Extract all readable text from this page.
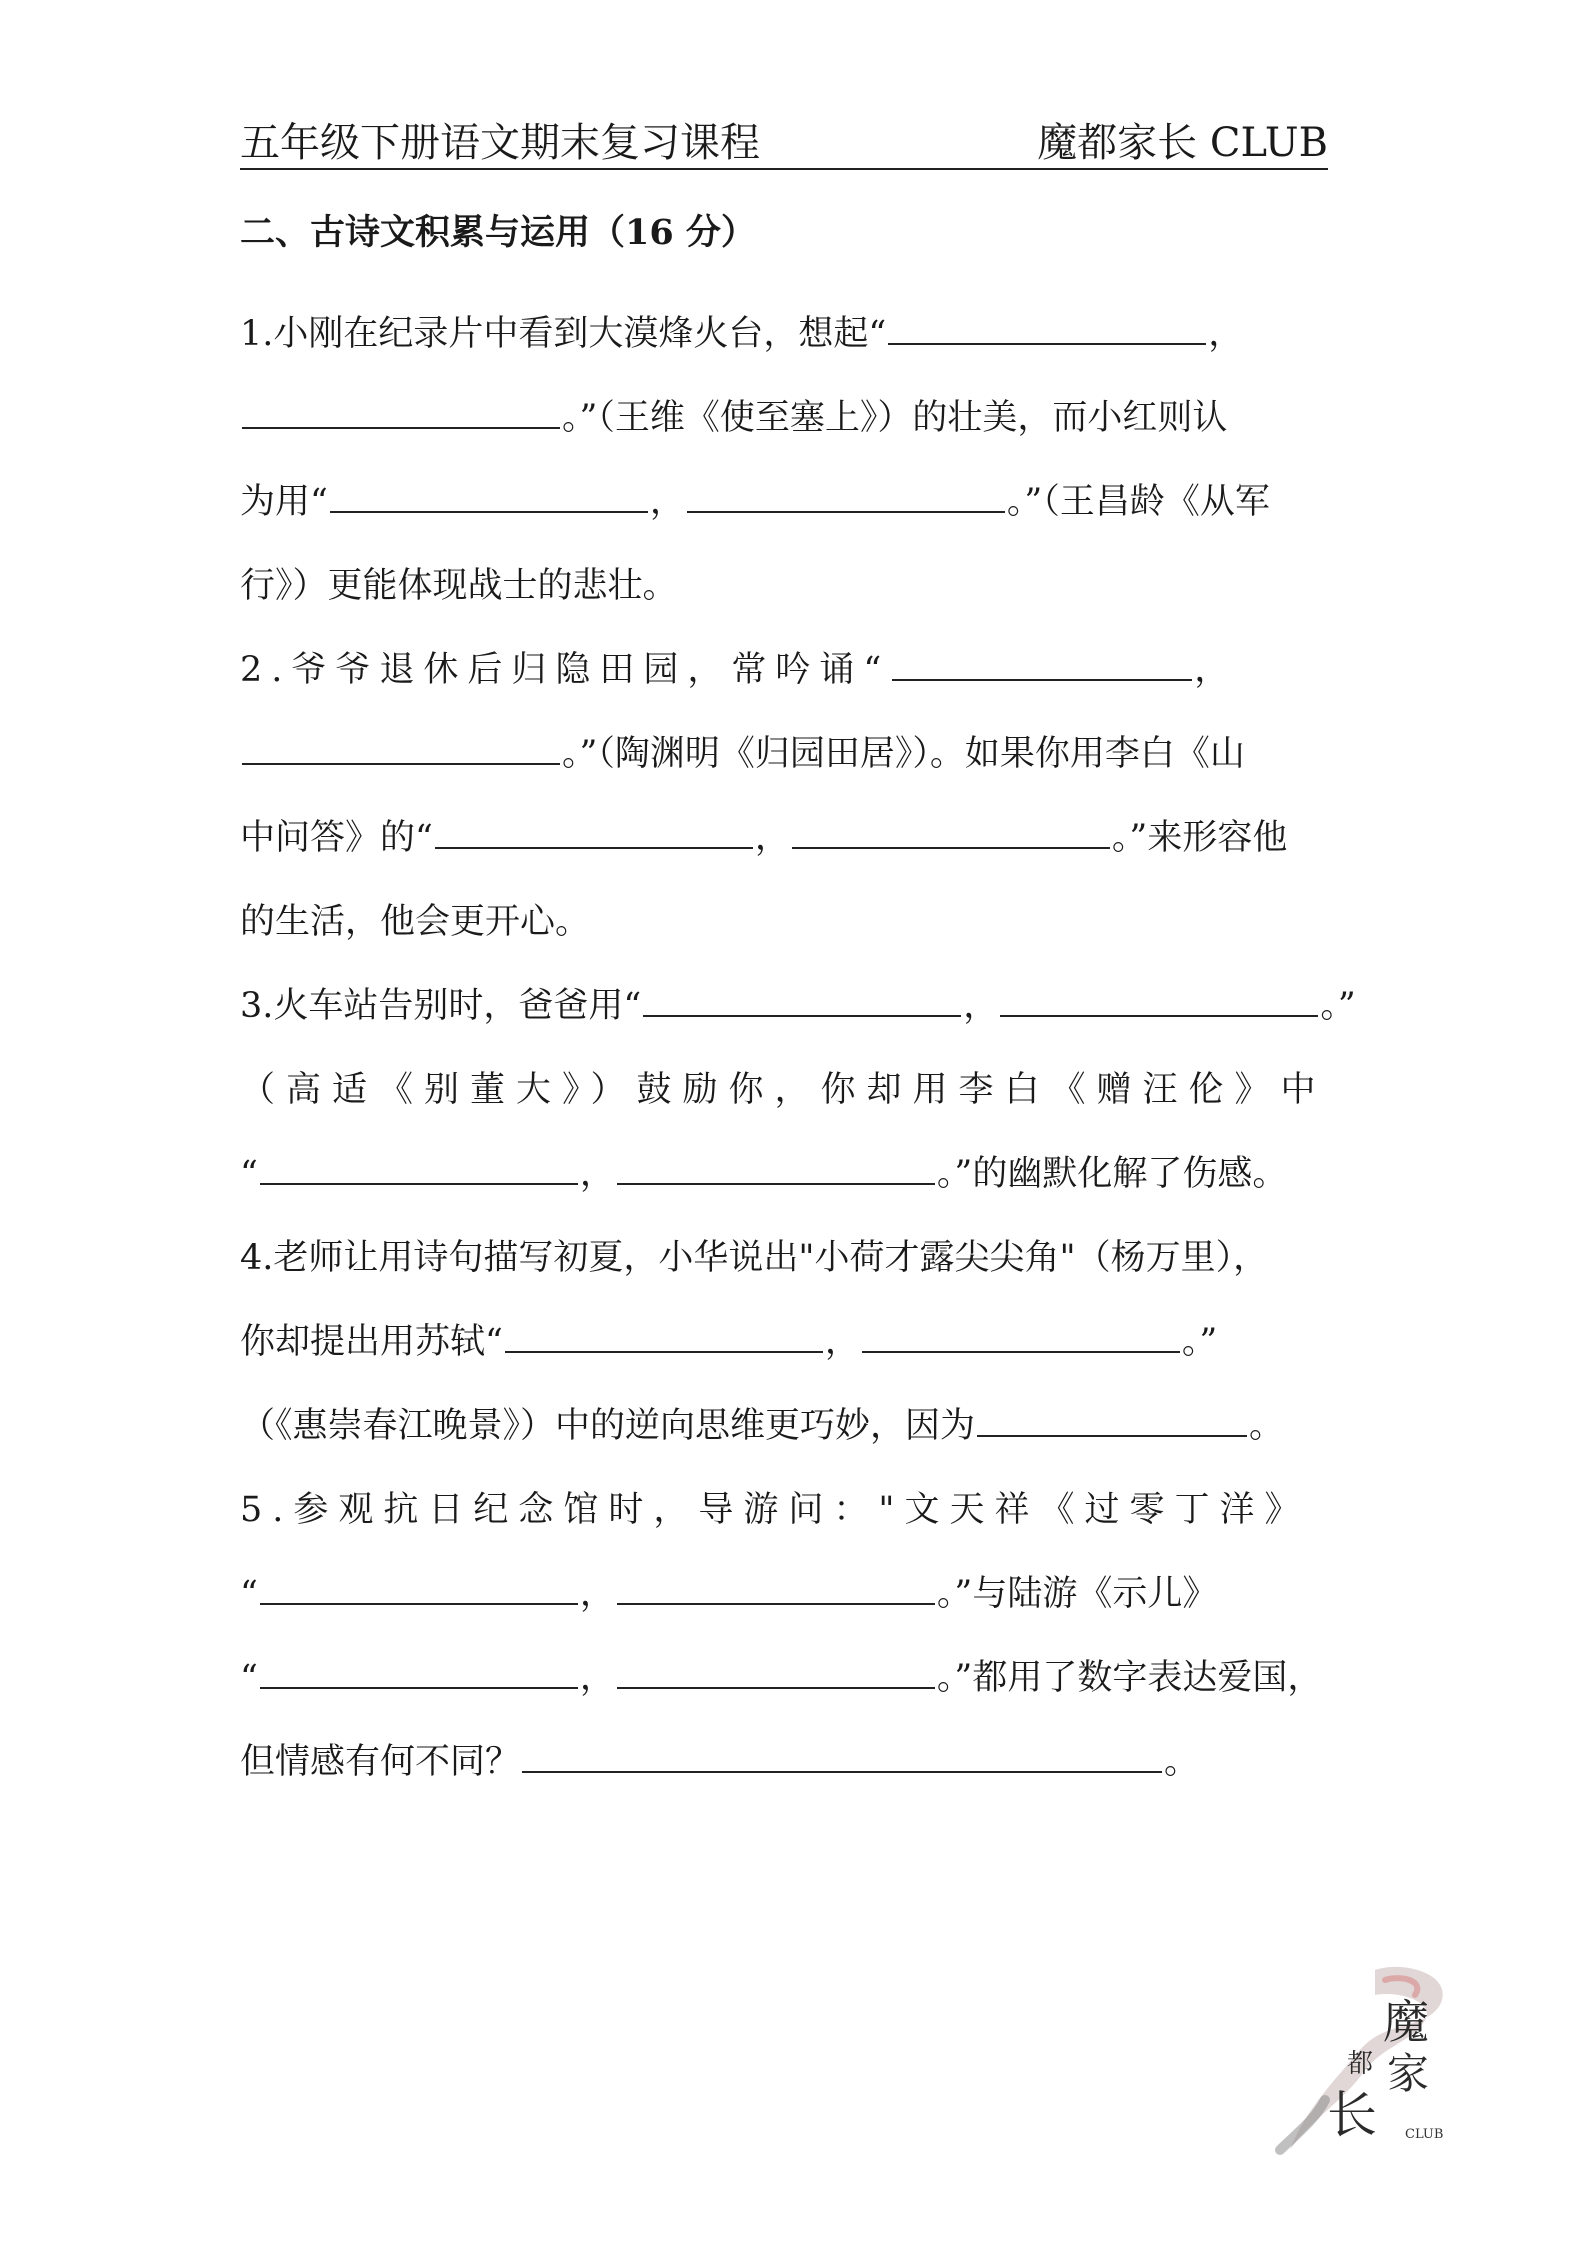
五年级下册语文期末复习课程	魔都家长 CLUB
二、古诗文积累与运用（16 分）
1.小刚在纪录片中看到大漠烽火台，想起“	，
。”（王维《使至塞上》）的壮美，而小红则认
为用“	，	。”（王昌龄《从军
行》）更能体现战士的悲壮。
2.爷爷退休后归隐田园，常吟诵“	，
。”（陶渊明《归园田居》）。如果你用李白《山
中问答》的“	，	。”来形容他
的生活，他会更开心。
3.火车站告别时，爸爸用“	，	。”
（高适《别董大》）鼓励你，你却用李白《赠汪伦》中
“	，	。”的幽默化解了伤感。
4.老师让用诗句描写初夏，小华说出"小荷才露尖尖角"（杨万里），
你却提出用苏轼“	，	。”
（《惠崇春江晚景》）中的逆向思维更巧妙，因为	。
5.参观抗日纪念馆时，导游问："文天祥《过零丁洋》
“	，	。”与陆游《示儿》
“	，	。”都用了数字表达爱国，
但情感有何不同？	。
魔
都 家
长 CLUB
